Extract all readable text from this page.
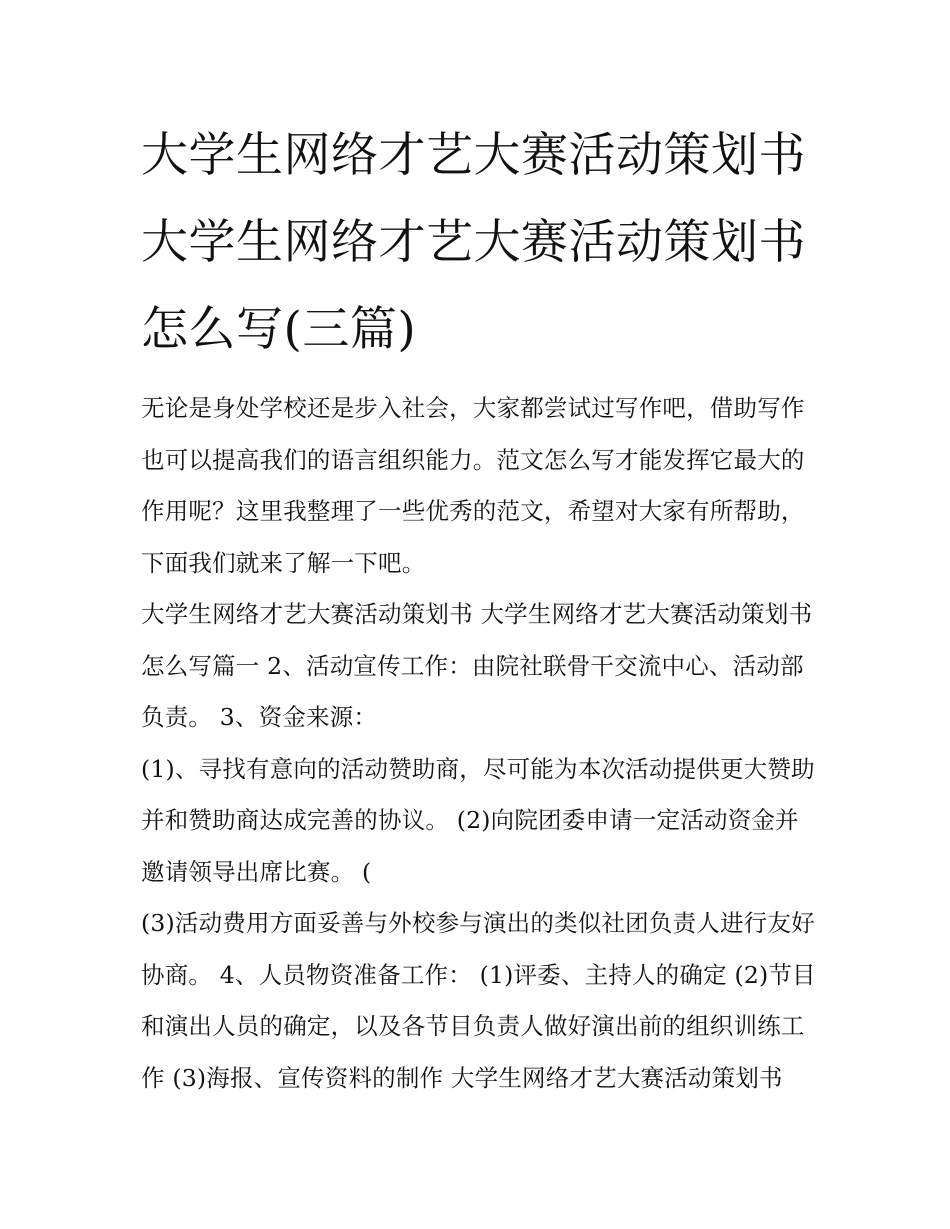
大学生网络才艺大赛活动策划书 大学生网络才艺大赛活动策划书怎么写(三篇)

无论是身处学校还是步入社会，大家都尝试过写作吧，借助写作也可以提高我们的语言组织能力。范文怎么写才能发挥它最大的作用呢？这里我整理了一些优秀的范文，希望对大家有所帮助，下面我们就来了解一下吧。

大学生网络才艺大赛活动策划书 大学生网络才艺大赛活动策划书怎么写篇一 2、活动宣传工作：由院社联骨干交流中心、活动部负责。 3、资金来源：

(1)、寻找有意向的活动赞助商，尽可能为本次活动提供更大赞助并和赞助商达成完善的协议。 (2)向院团委申请一定活动资金并邀请领导出席比赛。 (

(3)活动费用方面妥善与外校参与演出的类似社团负责人进行友好协商。 4、人员物资准备工作： (1)评委、主持人的确定 (2)节目和演出人员的确定，以及各节目负责人做好演出前的组织训练工作 (3)海报、宣传资料的制作 大学生网络才艺大赛活动策划书
